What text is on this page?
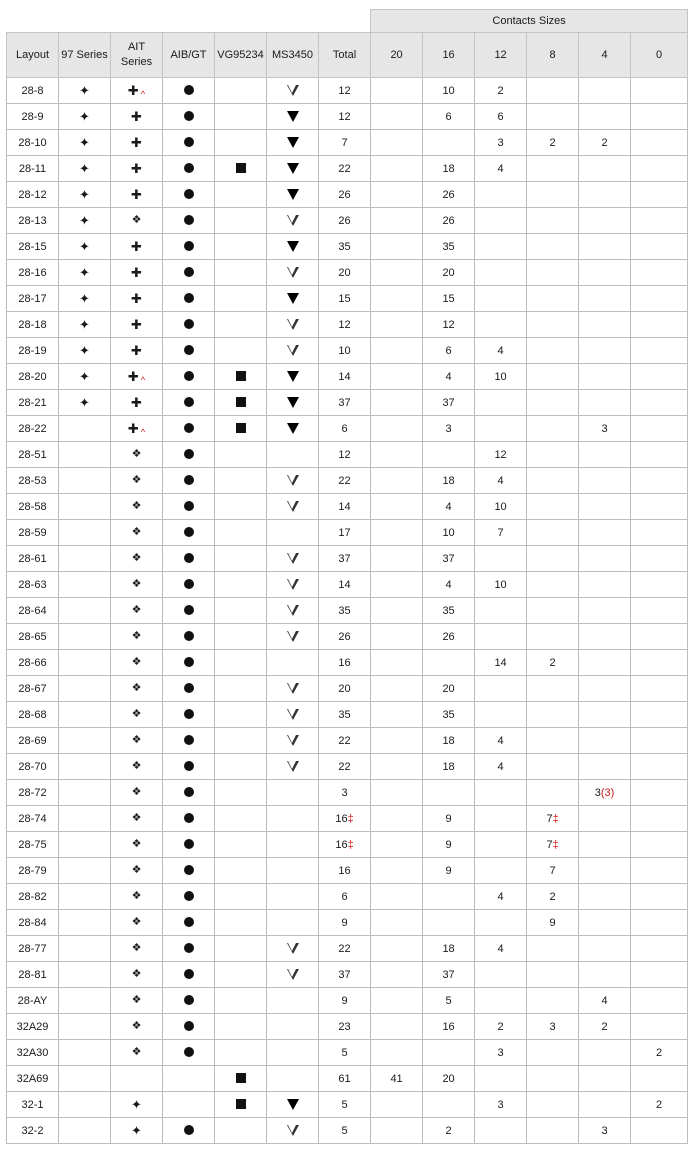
							Contacts Sizes					
Layout	97 Series	AIT Series	AIB/GT	VG95234	MS3450	Total	20	16	12	8	4	0
28-8	✦	✚ ^				12		10	2			
28-9	✦	✚				12		6	6			
28-10	✦	✚				7			3	2	2	
28-11	✦	✚				22		18	4			
28-12	✦	✚				26		26				
28-13	✦	❖				26		26				
28-15	✦	✚				35		35				
28-16	✦	✚				20		20				
28-17	✦	✚				15		15				
28-18	✦	✚				12		12				
28-19	✦	✚				10		6	4			
28-20	✦	✚ ^				14		4	10			
28-21	✦	✚				37		37				
28-22		✚ ^				6		3			3	
28-51		❖				12			12			
28-53		❖				22		18	4			
28-58		❖				14		4	10			
28-59		❖				17		10	7			
28-61		❖				37		37				
28-63		❖				14		4	10			
28-64		❖				35		35				
28-65		❖				26		26				
28-66		❖				16			14	2		
28-67		❖				20		20				
28-68		❖				35		35				
28-69		❖				22		18	4			
28-70		❖				22		18	4			
28-72		❖				3					3(3)	
28-74		❖				16‡		9		7‡		
28-75		❖				16‡		9		7‡		
28-79		❖				16		9		7		
28-82		❖				6			4	2		
28-84		❖				9				9		
28-77		❖				22		18	4			
28-81		❖				37		37				
28-AY		❖				9		5			4	
32A29		❖				23		16	2	3	2	
32A30		❖				5			3			2
32A69						61	41	20				
32-1		✦				5			3			2
32-2		✦				5		2			3	
